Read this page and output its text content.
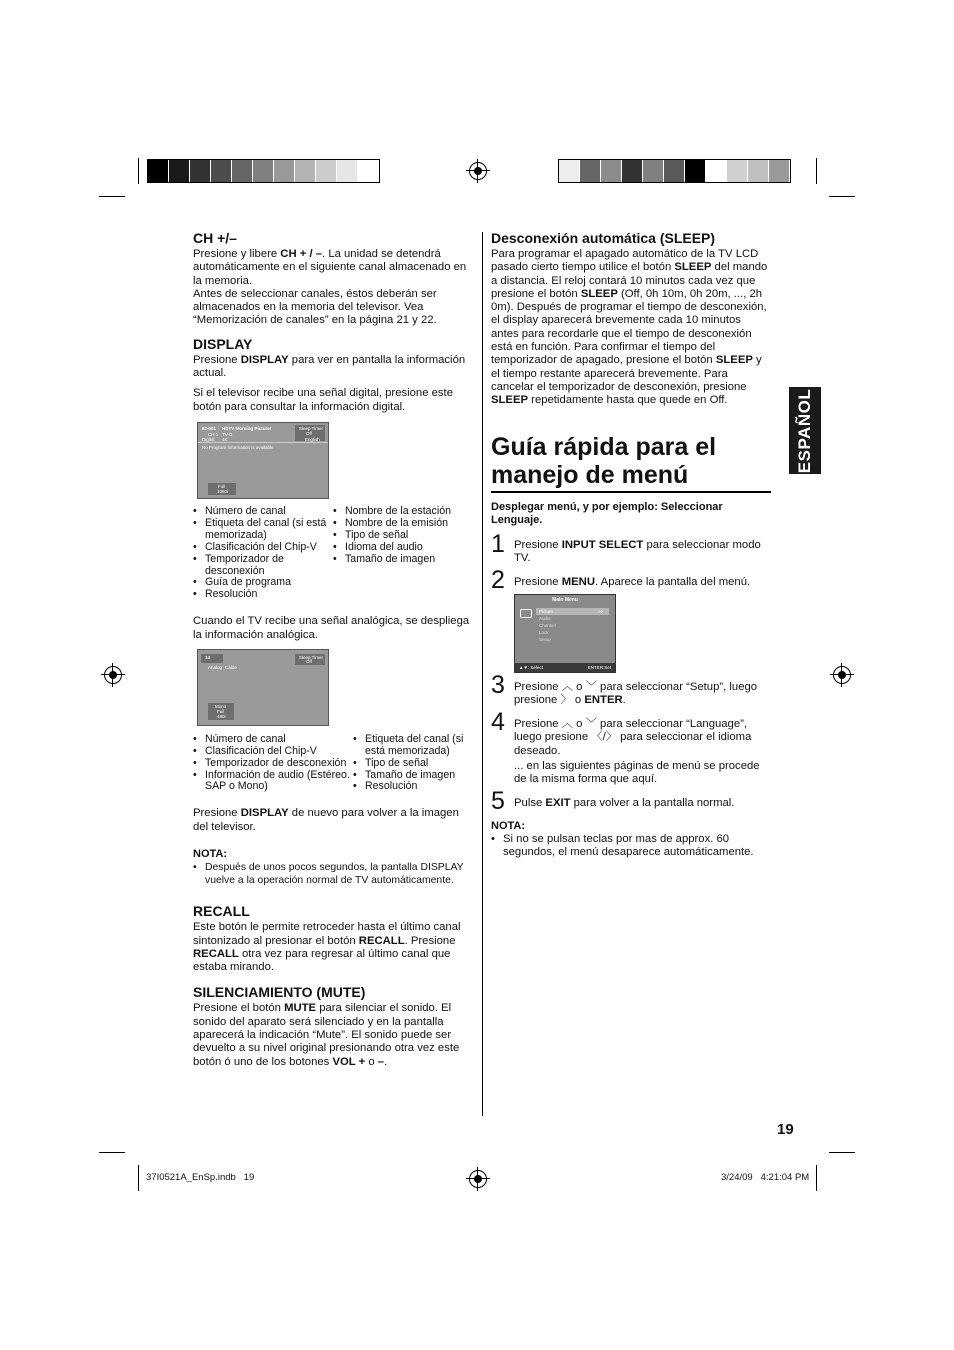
CH +/–

Presione y libere CH + / –. La unidad se detendrá automáticamente en el siguiente canal almacenado en la memoria.

Antes de seleccionar canales, éstos deberán ser almacenados en la memoria del televisor. Vea “Memorización de canales” en la página 21 y 22.

DISPLAY

Presione DISPLAY para ver en pantalla la información actual.

Si el televisor recibe una señal digital, presione este botón para consultar la información digital.

62-001
CH 1
Digital
HDTV Morning Picture!
TV-G
4K
Sleep Timer
Off
English
No Program Information is available
Full
1080i
• Número de canal
• Etiqueta del canal (si está memorizada)
• Clasificación del Chip-V
• Temporizador de desconexión
• Guía de programa
• Resolución
• Nombre de la estación
• Nombre de la emisión
• Tipo de señal
• Idioma del audio
• Tamaño de imagen

Cuando el TV recibe una señal analógica, se despliega la información analógica.

14
Analog Cable
Sleep Timer
Off
Mono
Full
480i
• Número de canal
• Clasificación del Chip-V
• Temporizador de desconexión
• Información de audio (Estéreo. SAP o Mono)
• Etiqueta del canal (si está memorizada)
• Tipo de señal
• Tamaño de imagen
• Resolución

Presione DISPLAY de nuevo para volver a la imagen del televisor.

NOTA:

• Después de unos pocos segundos, la pantalla DISPLAY vuelve a la operación normal de TV automáticamente.
RECALL

Este botón le permite retroceder hasta el último canal sintonizado al presionar el botón RECALL. Presione RECALL otra vez para regresar al último canal que estaba mirando.

SILENCIAMIENTO (MUTE)

Presione el botón MUTE para silenciar el sonido. El sonido del aparato será silenciado y en la pantalla aparecerá la indicación “Mute”. El sonido puede ser devuelto a su nivel original presionando otra vez este botón ó uno de los botones VOL + o –.

Desconexión automática (SLEEP)

Para programar el apagado automático de la TV LCD pasado cierto tiempo utilice el botón SLEEP del mando a distancia. El reloj contará 10 minutos cada vez que presione el botón SLEEP (Off, 0h 10m, 0h 20m, ..., 2h 0m). Después de programar el tiempo de desconexión, el display aparecerá brevemente cada 10 minutos antes para recordarle que el tiempo de desconexión está en función. Para confirmar el tiempo del temporizador de apagado, presione el botón SLEEP y el tiempo restante aparecerá brevemente. Para cancelar el temporizador de desconexión, presione SLEEP repetidamente hasta que quede en Off.

Guía rápida para el
manejo de menú

Desplegar menú, y por ejemplo: Seleccionar Lenguaje.

1 Presione INPUT SELECT para seleccionar modo TV.

2 Presione MENU. Aparece la pantalla del menú.

Main Menu
Picture	>>
Audio
Channel
Lock
Setup
▲▼: Select	ENTER:Set
3 Presione ︿ o ﹀ para seleccionar “Setup”, luego presione 〉 o ENTER.

4 Presione ︿ o ﹀ para seleccionar “Language”, luego presione 〈/〉 para seleccionar el idioma deseado.

... en las siguientes páginas de menú se procede de la misma forma que aquí.

5 Pulse EXIT para volver a la pantalla normal.

NOTA:

• Si no se pulsan teclas por mas de approx. 60 segundos, el menú desaparece automáticamente.
ESPAÑOL
19
37I0521A_EnSp.indb   19	3/24/09   4:21:04 PM
